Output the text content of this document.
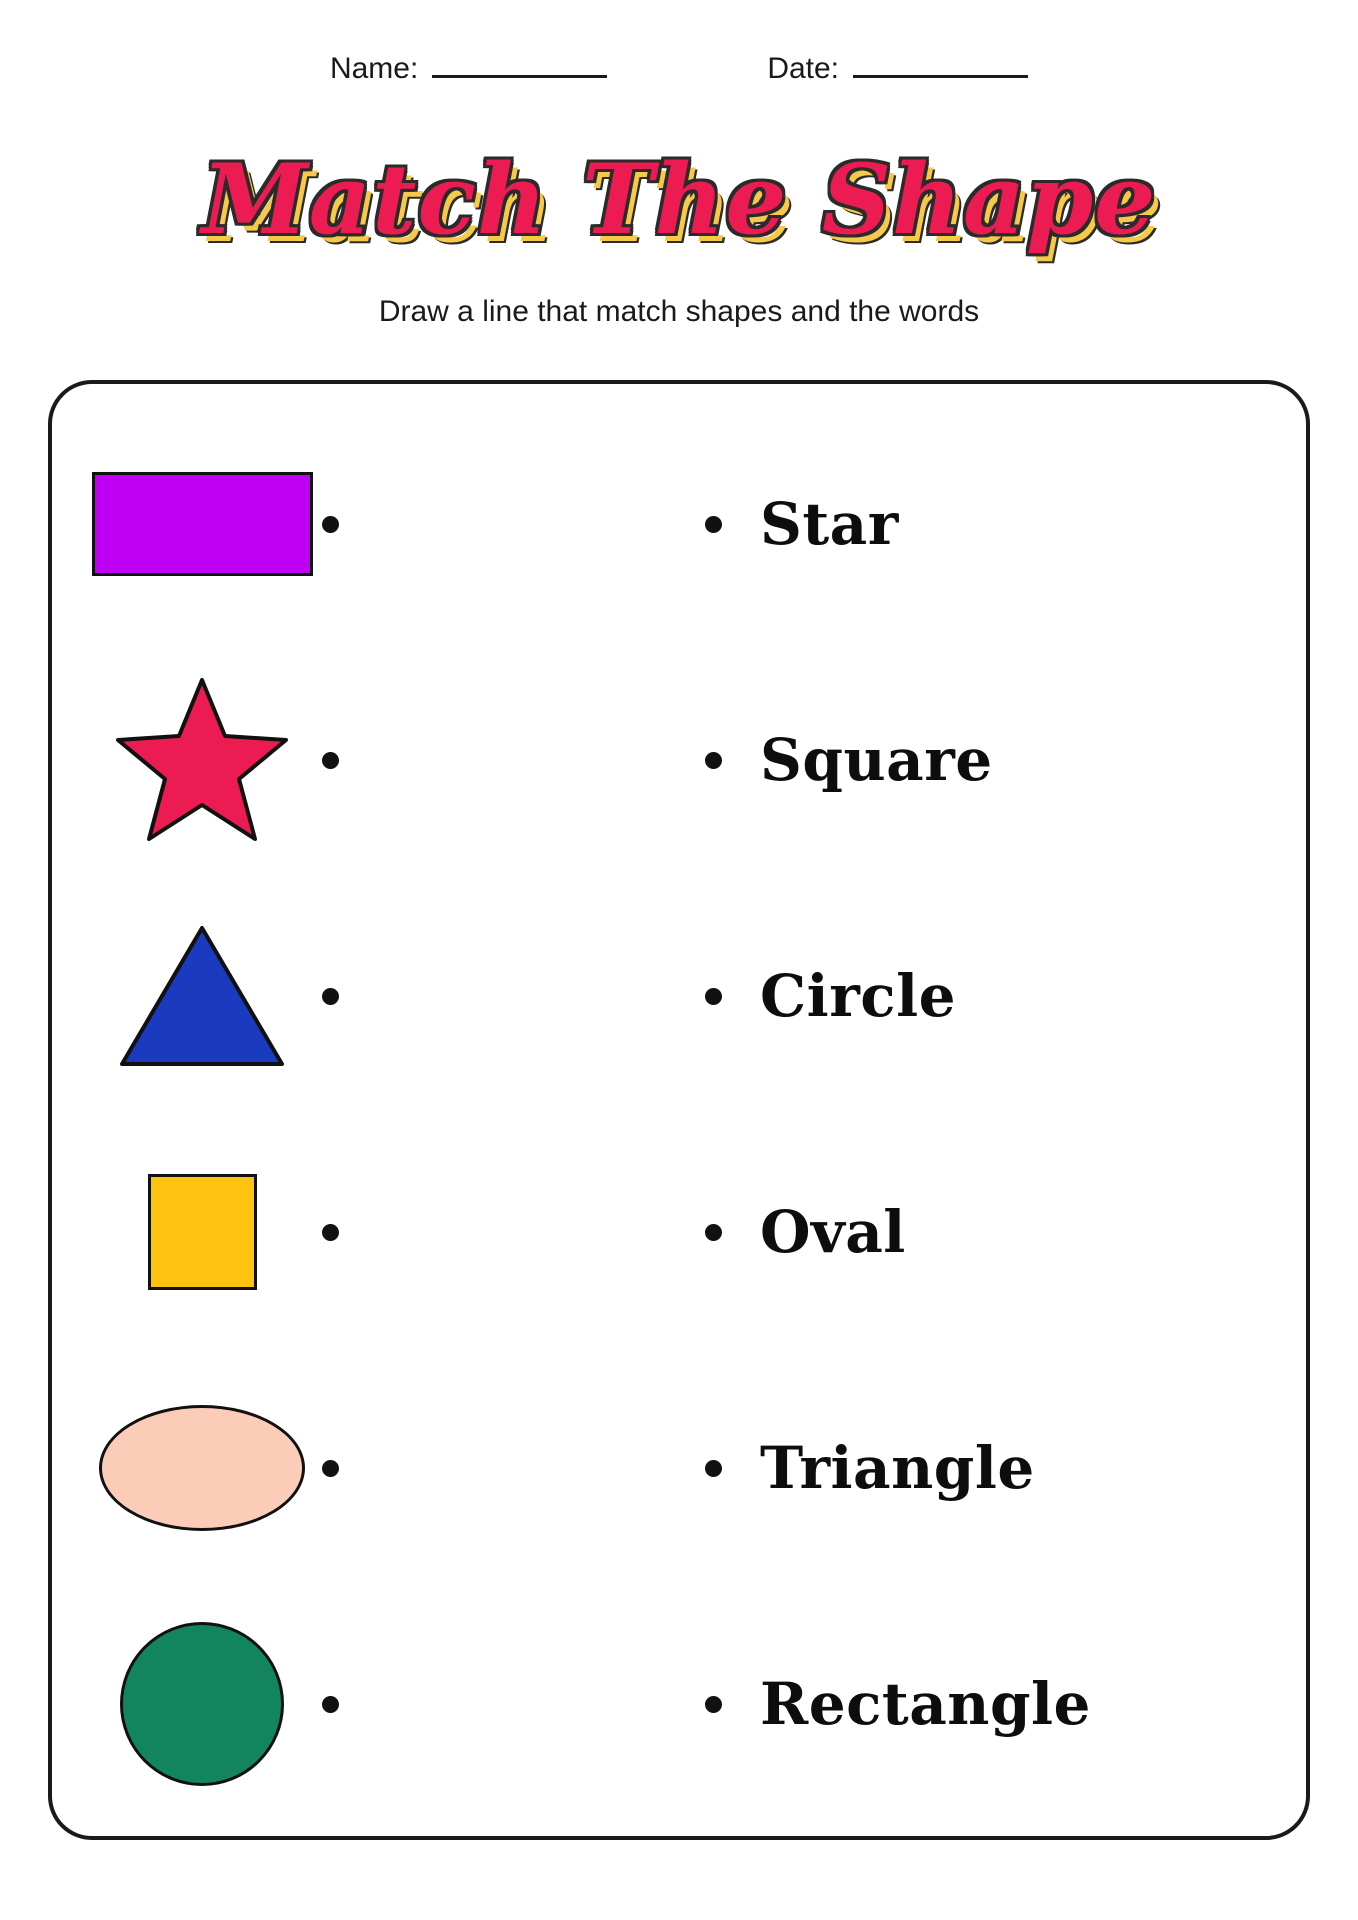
Name:	Date:
Match The Shape
Draw a line that match shapes and the words
Star
Square
Circle
Oval
Triangle
Rectangle
